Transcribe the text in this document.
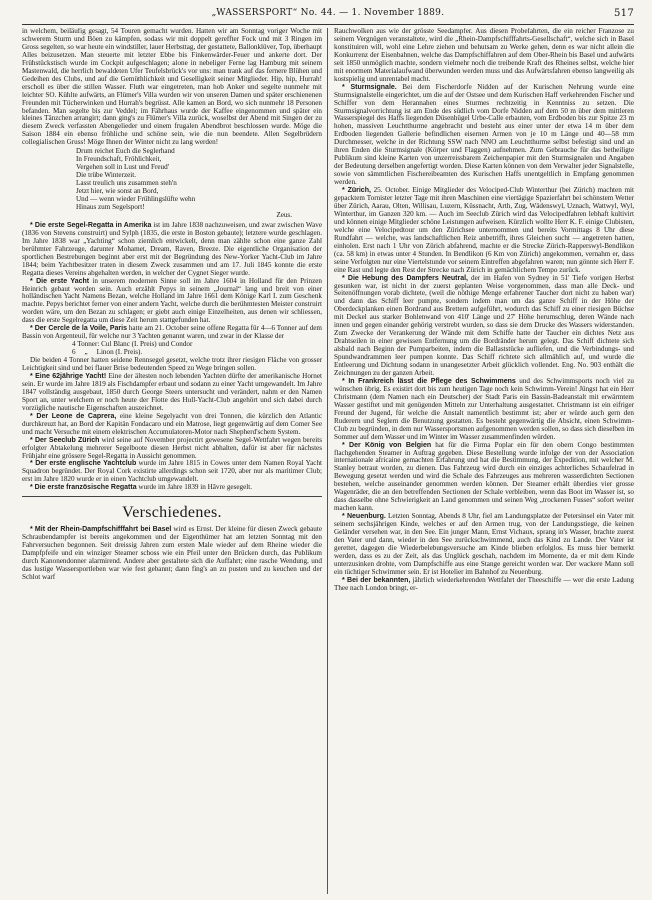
„WASSERSPORT“ No. 44. — 1. November 1889.	517

in welchem, beiläufig gesagt, 54 Touren gemacht wurden. Hatten wir am Sonntag voriger Woche mit schwerem Sturm und Böen zu kämpfen, sodass wir mit doppelt gereffter Fock und mit 3 Ringen im Gross segelten, so war heute ein windstiller, lauer Herbsttag, der gestattete, Ballonklüver, Top, überhaupt Alles beizusetzen. Man steuerte mit letzter Ebbe bis Finkenwärder-Feuer und ankerte dort. Der Frühstückstisch wurde im Cockpit aufgeschlagen; alone in nebeliger Ferne lag Hamburg mit seinem Mastenwald, die herrlich bewaldeten Ufer Teufelsbrück's vor uns: man trank auf das fernere Blühen und Gedeihen des Clubs, und auf die Gemüthlichkeit und Geselligkeit seiner Mitglieder. Hip, hip, Hurrah! erscholl es über die stillen Wasser. Fluth war eingetreten, man hob Anker und segelte nunmehr mit leichter SO. Kühlte aufwärts, an Flümer's Villa wurden wir von unseren Damen und später erschienenen Freunden mit Tücherwinken und Hurrah's begrüsst. Alle kamen an Bord, wo sich nunmehr 18 Personen befanden. Man segelte bis zur Veddel; im Fährhaus wurde der Kaffee eingenommen und später ein kleines Tänzchen arrangirt; dann ging's zu Flümer's Villa zurück, woselbst der Abend mit Singen der zu diesem Zweck verfassten Abengelieder und einem frugalen Abendbrot beschlossen wurde. Möge die Saison 1884 ein ebenso fröhliche und schöne sein, wie die nun beendete. Allen Segelbrüdern collegialischen Gruss! Möge Ihnen der Winter nicht zu lang werden!

Drum reichet Euch die Seglerhand
In Freundschaft, Fröhlichkeit,
Vergehen soll in Lust und Freud'
Die trübe Winterzeit.
Lasst treulich uns zusammen steh'n
Jetzt hier, wie sonst an Bord,
Und — wenn wieder Frühlingslüfte wehn
Hinaus zum Segelsport!
Zeus.

* Die erste Segel-Regatta in Amerika ist im Jahre 1838 nachzuweisen, und zwar zwischen Wave (1836 von Stevens construirt) und Sylph (1835, die erste in Boston gebaute); letztere wurde geschlagen. Im Jahre 1838 war „Yachting“ schon ziemlich entwickelt, denn man zählte schon eine ganze Zahl berühmter Fahrzeuge, darunter Mohamet, Dream, Raven, Breeze. Die eigentliche Organisation der sportlichen Bestrebungen beginnt aber erst mit der Begründung des New-Yorker Yacht-Club im Jahre 1844; beim Yachtbesitzer traten in diesem Zweck zusammen und am 17. Juli 1845 konnte die erste Regatta dieses Vereins abgehalten werden, in welcher der Cygnet Sieger wurde.

* Die erste Yacht in unserem modernen Sinne soll im Jahre 1604 in Holland für den Prinzen Heinrich gebaut worden sein. Auch erzählt Pepys in seinem „Journal“ lang und breit von einer holländischen Yacht Namens Bezan, welche Holland im Jahre 1661 dem Könige Karl I. zum Geschenk machte. Pepys berichtet ferner von einer andern Yacht, welche durch die berühmtesten Meister construirt worden wäre, um den Bezan zu schlagen; er giebt auch einige Einzelheiten, aus denen wir schliessen, dass die erste Segelregatta um diese Zeit herum stattgefunden hat.

* Der Cercle de la Voile, Paris hatte am 21. October seine offene Regatta für 4—6 Tonner auf dem Bassin von Argenteuil, für welche nur 3 Yachten genannt waren, und zwar in der Klasse der

4 Tonner: Cul Blanc (I. Preis) und Condor
6  „  Linon (I. Preis).

Die beiden 4 Tonner hatten seidene Rennsegel gesetzt, welche trotz ihrer riesigen Fläche von grosser Leichtigkeit sind und bei flauer Brise bedeutenden Speed zu Wege bringen sollen.

* Eine 62jährige Yacht! Eine der ältesten noch lebenden Yachten dürfte der amerikanische Hornet sein. Er wurde im Jahre 1819 als Fischdampfer erbaut und sodann zu einer Yacht umgewandelt. Im Jahre 1847 vollständig ausgebaut, 1850 durch George Steers untersucht und verändert, nahm er den Namen Sport an, unter welchem er noch heute der Flotte des Hull-Yacht-Club angehört und sich dabei durch vorzügliche nautische Eigenschaften auszeichnet.

* Der Leone de Caprera, eine kleine Segelyacht von drei Tonnen, die kürzlich den Atlantic durchkreuzt hat, an Bord der Kapitän Fondacaro und ein Matrose, liegt gegenwärtig auf dem Comer See und macht Versuche mit einem elektrischen Accumulatoren-Motor nach Shepherd'schem System.

* Der Seeclub Zürich wird seine auf November projectirt gewesene Segel-Wettfahrt wegen bereits erfolgter Abtakelung mehrerer Segelboote diesen Herbst nicht abhalten, dafür ist aber für nächstes Frühjahr eine grössere Segel-Regatta in Aussicht genommen.

* Der erste englische Yachtclub wurde im Jahre 1815 in Cowes unter dem Namen Royal Yacht Squadron begründet. Der Royal Cork existirte allerdings schon seit 1720, aber nur als maritimer Club; erst im Jahre 1820 wurde er in einen Yachtclub umgewandelt.

* Die erste französische Regatta wurde im Jahre 1839 in Hâvre gesegelt.

Verschiedenes.

* Mit der Rhein-Dampfschifffahrt bei Basel wird es Ernst. Der kleine für diesen Zweck gebaute Schraubendampfer ist bereits angekommen und der Eigenthümer hat am letzten Sonntag mit den Fahrversuchen begonnen. Seit dreissig Jahren zum ersten Male wieder auf dem Rheine wieder die Dampfpfeife und ein winziger Steamer schoss wie ein Pfeil unter den Brücken durch, das Publikum durch Kanonendonner alarmirend. Andere aber gestaltete sich die Auffahrt; eine rasche Wendung, und das lustige Wassersportleben war wie fest gebannt; dann fing's an zu pusten und zu keuchen und der Schlot warf

Rauchwolken aus wie der grösste Seedampfer. Aus diesen Probefahrten, die ein reicher Franzose zu seinem Vergnügen veranstaltete, wird die „Rhein-Dampfschifffahrts-Gesellschaft“, welche sich in Basel konstituiren will, wohl eine Lehre ziehen und behutsam zu Werke gehen, denn es war nicht allein die Konkurrenz der Eisenbahnen, welche das Dampfschiffahren auf dem Ober-Rhein bis Basel und aufwärts seit 1850 unmöglich machte, sondern vielmehr noch die treibende Kraft des Rheines selbst, welche hier mit enormem Materialaufwand überwunden werden muss und das Aufwärtsfahren ebenso langweilig als kostspielig und unrentabel macht.

* Sturmsignale. Bei dem Fischerdorfe Nidden auf der Kurischen Nehrung wurde eine Sturmsignalstelle eingerichtet, um die auf der Ostsee und dem Kurischen Haff verkehrenden Fischer und Schiffer von dem Herannahen eines Sturmes rechtzeitig in Kenntniss zu setzen. Die Sturmsignalvorrichtung ist am Ende des südlich vom Dorfe Nidden auf dem 50 m über dem mittleren Wasserspiegel des Haffs liegenden Düsenhügel Urbe-Calle erbauten, vom Erdboden bis zur Spitze 23 m hohen, massiven Leuchtthurme angebracht und besteht aus einer unter der etwa 14 m über dem Erdboden liegenden Gallerie befindlichen eisernen Armen von je 10 m Länge und 40—58 mm Durchmesser, welche in der Richtung SSW nach NNO am Leuchtthurme selbst befestigt sind und an ihren Enden die Sturmsignale (Körper und Flaggen) aufnehmen. Zum Gebrauche für das betheiligte Publikum sind kleine Karten von unzerreissbarem Zeichenpapier mit den Sturmsignalen und Angaben der Bedeutung derselben angefertigt worden. Diese Karten können von dem Verwalter jeder Signalstelle, sowie von sämmtlichen Fischereibeamten des Kurischen Haffs unentgeltlich in Empfang genommen werden.

* Zürich, 25. October. Einige Mitglieder des Velociped-Club Winterthur (bei Zürich) machten mit gepacktem Tornister letzter Tage mit ihren Maschinen eine viertägige Spazierfahrt bei schönstem Wetter über Zürich, Aarau, Olten, Willisau, Luzern, Küssnacht, Arth, Zug, Wädenswyl, Uznach, Wattwyl, Wyl, Winterthur, im Ganzen 320 km. — Auch im Seeclub Zürich wird das Velocipedfahren lebhaft kultivirt und können einige Mitglieder schöne Leistungen aufweisen. Kürzlich wollte Herr K. F. einige Clubisten, welche eine Velocipedtour um den Zürichsee unternommen und bereits Vormittags 8 Uhr diese Rundfahrt — welche, was landschaftlichen Reiz anbetrifft, ihres Gleichen sucht — angetreten hatten, einholen. Erst nach 1 Uhr von Zürich abfahrend, machte er die Strecke Zürich-Rapperswyl-Bendlikon (ca. 58 km) in etwas unter 4 Stunden. In Bendlikon (6 Km von Zürich) angekommen, vernahm er, dass seine Verfolgten nur eine Viertelstunde vor seinem Eintreffen abgefahren waren; nun gönnte sich Herr F. eine Rast und legte den Rest der Strecke nach Zürich in gemächlichem Tempo zurück.

* Die Hebung des Dampfers Neutral, der im Hafen von Sydney in 51' Tiefe vorigen Herbst gesunken war, ist nicht in der zuerst geplanten Weise vorgenommen, dass man alle Deck- und Seitenöffnungen vorab dichtete, (weil die nöthige Menge erfahrener Taucher dort nicht zu haben war) und dann das Schiff leer pumpte, sondern indem man um das ganze Schiff in der Höhe der Oberdeckplanken einen Bordrand aus Brettern aufgeführt, wodurch das Schiff zu einer riesigen Büchse mit Deckel aus starker Bohlenwand von 410' Länge und 27' Höhe herumschlug, deren Wände nach innen und gegen einander gehörig verstrebt wurden, so dass sie dem Drucke des Wassers widerstanden. Zum Zwecke der Verankerung der Wände mit dem Schiffe hatte der Taucher ein dichtes Netz aus Drahtseilen in einer gewissen Entfernung um die Bordränder herum gelegt. Das Schiff dichtete sich alsbald nach Beginn der Pumparbeiten, indem die Ballaststücke aufliefen, und die Verbindungs- und Spundwandrammen leer pumpen konnte. Das Schiff richtete sich allmählich auf, und wurde die Entleerung und Dichtung sodann in unangesetzter Arbeit glücklich vollendet. Eng. No. 903 enthält die Zeichnungen zu der ganzen Arbeit.

* In Frankreich lässt die Pflege des Schwimmens und des Schwimmsports noch viel zu wünschen übrig. Es existirt dort bis zum heutigen Tage noch kein Schwimm-Verein! Jüngst hat ein Herr Christmann (dem Namen nach ein Deutscher) der Stadt Paris ein Bassin-Badeanstalt mit erwärmtem Wasser gestiftet und mit genügenden Mitteln zur Unterhaltung ausgestattet. Christmann ist ein eifriger Freund der Jugend, für welche die Anstalt namentlich bestimmt ist; aber er würde auch gern den Ruderern und Seglern die Benutzung gestatten. Es besteht gegenwärtig die Absicht, einen Schwimm-Club zu begründen, in dem nur Wassersportsmen aufgenommen werden sollen, so dass sich dieselben im Sommer auf dem Wasser und im Winter im Wasser zusammenfinden würden.

* Der König von Belgien hat für die Firma Poplar ein für den obern Congo bestimmten flachgehenden Steamer in Auftrag gegeben. Diese Bestellung wurde infolge der von der Association internationale africaine gemachten Erfahrung und hat die Bestimmung, der Expedition, mit welcher M. Stanley betraut worden, zu dienen. Das Fahrzeug wird durch ein einziges achterliches Schaufelrad in Bewegung gesetzt werden und wird die Schale des Fahrzeuges aus mehreren wasserdichten Sectionen bestehen, welche auseinander genommen werden können. Der Steamer erhält überdies vier grosse Wagenräder, die an den betreffenden Sectionen der Schale verbleiben, wenn das Boot im Wasser ist, so dass dasselbe ohne Schwierigkeit an Land genommen und seinen Weg „trockenen Fusses“ sofort weiter machen kann.

* Neuenburg. Letzten Sonntag, Abends 8 Uhr, fiel am Landungsplatze der Petersinsel ein Vater mit seinem sechsjährigen Kinde, welches er auf den Armen trug, von der Landungsstiege, die keinen Geländer versehen war, in den See. Ein junger Mann, Ernst Vichaux, sprang in's Wasser, brachte zuerst den Vater und dann, wieder in den See zurückschwimmend, auch das Kind zu Lande. Der Vater ist gerettet, dagegen die Wiederbelebungsversuche am Kinde blieben erfolglos. Es muss hier bemerkt werden, dass es zu der Zeit, als das Unglück geschah, nachdem im Momente, da er mit dem Kinde unterzusinken drohte, vom Dampfschiffe aus eine Stange gereicht worden war. Der wackere Mann soll ein tüchtiger Schwimmer sein. Er ist Hotelier im Bahnhof zu Neuenburg.

* Bei der bekannten, jährlich wiederkehrenden Wettfahrt der Theeschiffe — wer die erste Ladung Thee nach London bringt, er-
